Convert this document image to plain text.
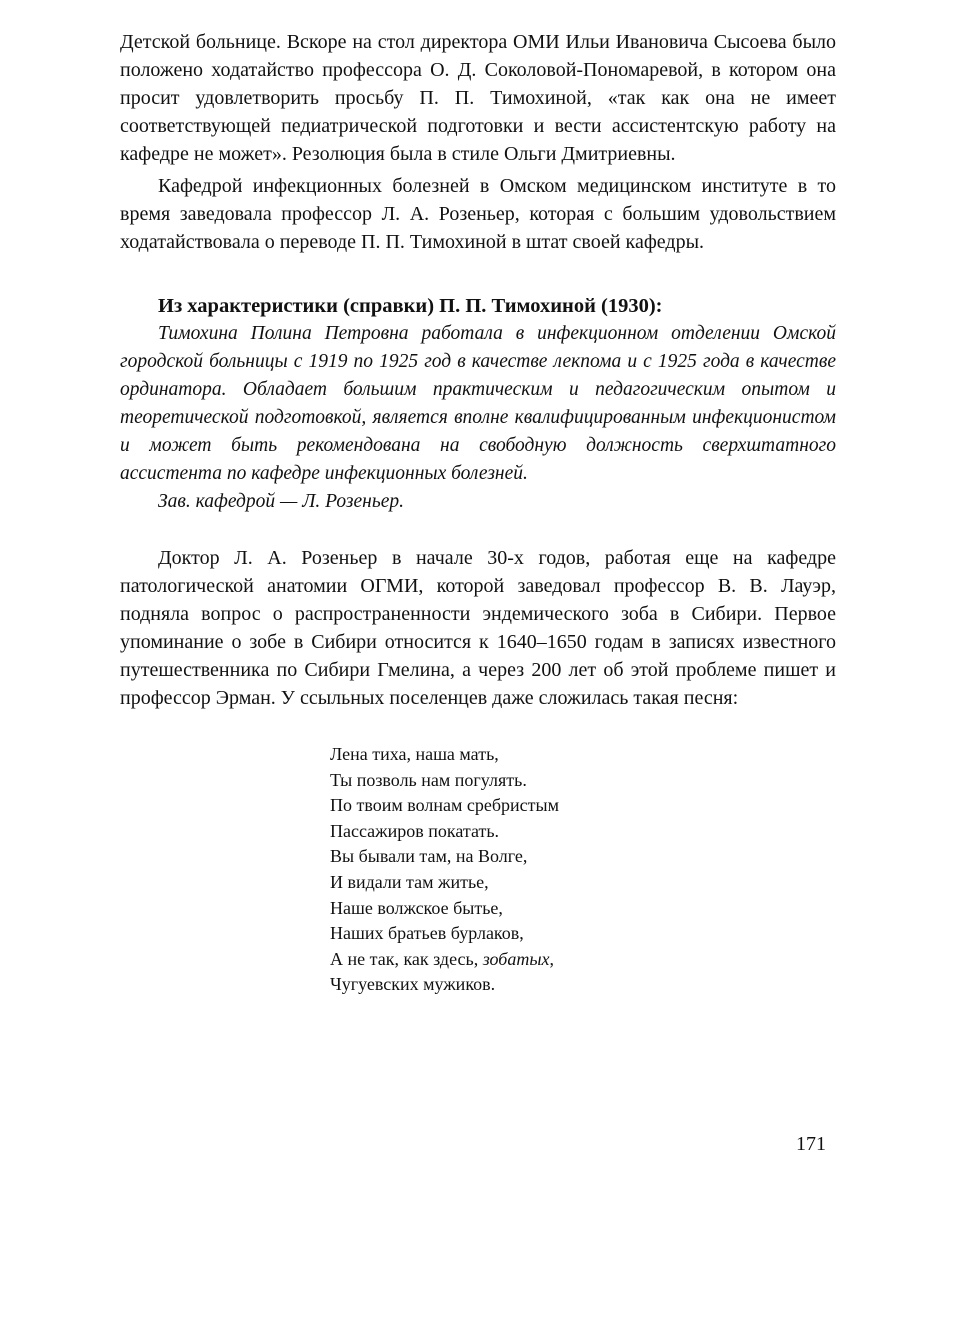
Детской больнице. Вскоре на стол директора ОМИ Ильи Ивановича Сысоева было положено ходатайство профессора О. Д. Соколовой-Пономаревой, в котором она просит удовлетворить просьбу П. П. Тимохиной, «так как она не имеет соответствующей педиатрической подготовки и вести ассистентскую работу на кафедре не может». Резолюция была в стиле Ольги Дмитриевны.

Кафедрой инфекционных болезней в Омском медицинском институте в то время заведовала профессор Л. А. Розеньер, которая с большим удовольствием ходатайствовала о переводе П. П. Тимохиной в штат своей кафедры.

Из характеристики (справки) П. П. Тимохиной (1930):

Тимохина Полина Петровна работала в инфекционном отделении Омской городской больницы с 1919 по 1925 год в качестве лекпома и с 1925 года в качестве ординатора. Обладает большим практическим и педагогическим опытом и теоретической подготовкой, является вполне квалифицированным инфекционистом и может быть рекомендована на свободную должность сверхштатного ассистента по кафедре инфекционных болезней.

Зав. кафедрой — Л. Розеньер.

Доктор Л. А. Розеньер в начале 30-х годов, работая еще на кафедре патологической анатомии ОГМИ, которой заведовал профессор В. В. Лауэр, подняла вопрос о распространенности эндемического зоба в Сибири. Первое упоминание о зобе в Сибири относится к 1640–1650 годам в записях известного путешественника по Сибири Гмелина, а через 200 лет об этой проблеме пишет и профессор Эрман. У ссыльных поселенцев даже сложилась такая песня:

Лена тиха, наша мать,
Ты позволь нам погулять.
По твоим волнам сребристым
Пассажиров покатать.
Вы бывали там, на Волге,
И видали там житье,
Наше волжское бытье,
Наших братьев бурлаков,
А не так, как здесь, зобатых,
Чугуевских мужиков.
171
